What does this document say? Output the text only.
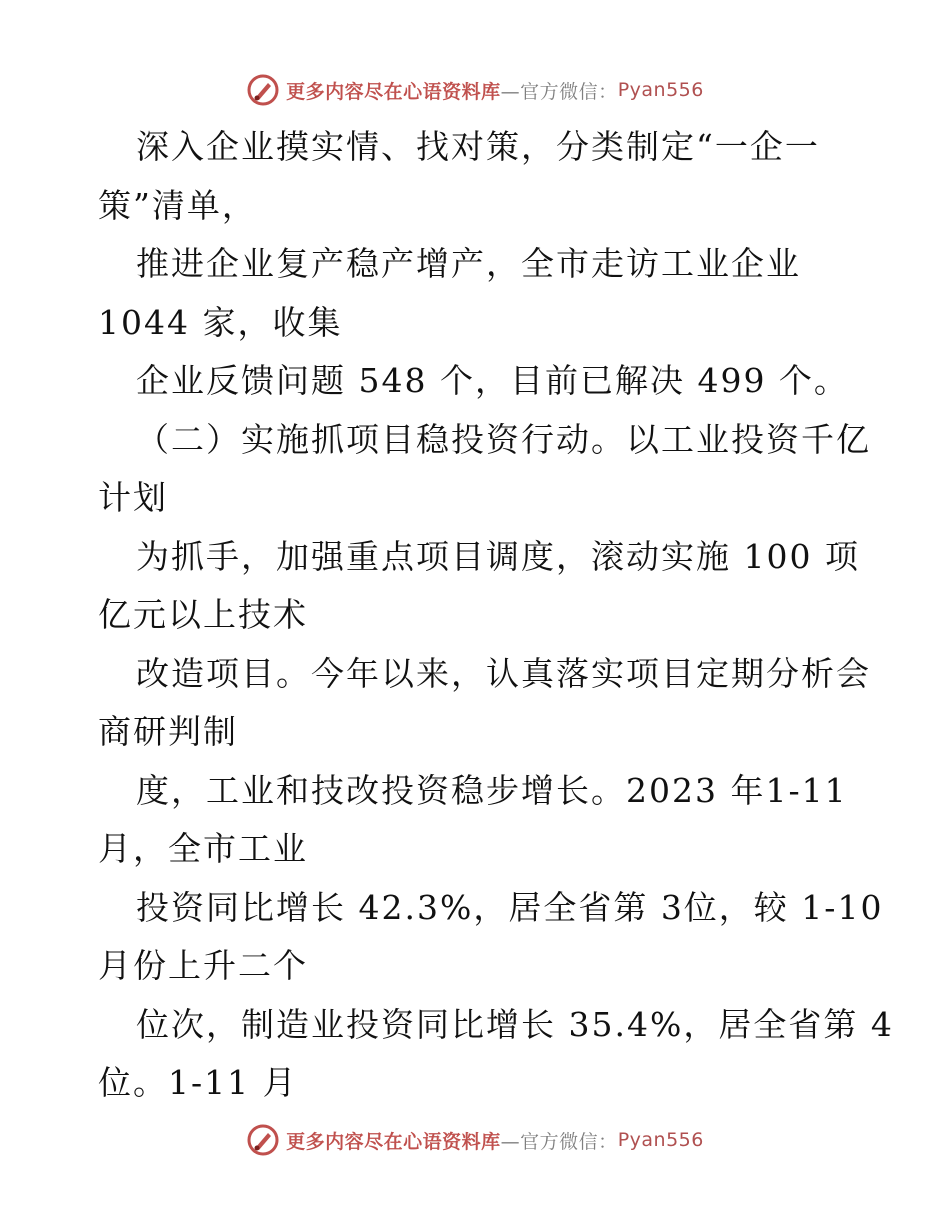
更多内容尽在心语资料库 —官方微信： Pyan556
深入企业摸实情、找对策，分类制定“一企一
策”清单，
推进企业复产稳产增产，全市走访工业企业
1044 家，收集
企业反馈问题 548 个，目前已解决 499 个。
（二）实施抓项目稳投资行动。以工业投资千亿
计划
为抓手，加强重点项目调度，滚动实施 100 项
亿元以上技术
改造项目。今年以来，认真落实项目定期分析会
商研判制
度，工业和技改投资稳步增长。2023 年1-11
月，全市工业
投资同比增长 42.3%，居全省第 3位，较 1-10
月份上升二个
位次，制造业投资同比增长 35.4%，居全省第 4
位。1-11 月
更多内容尽在心语资料库 —官方微信： Pyan556
